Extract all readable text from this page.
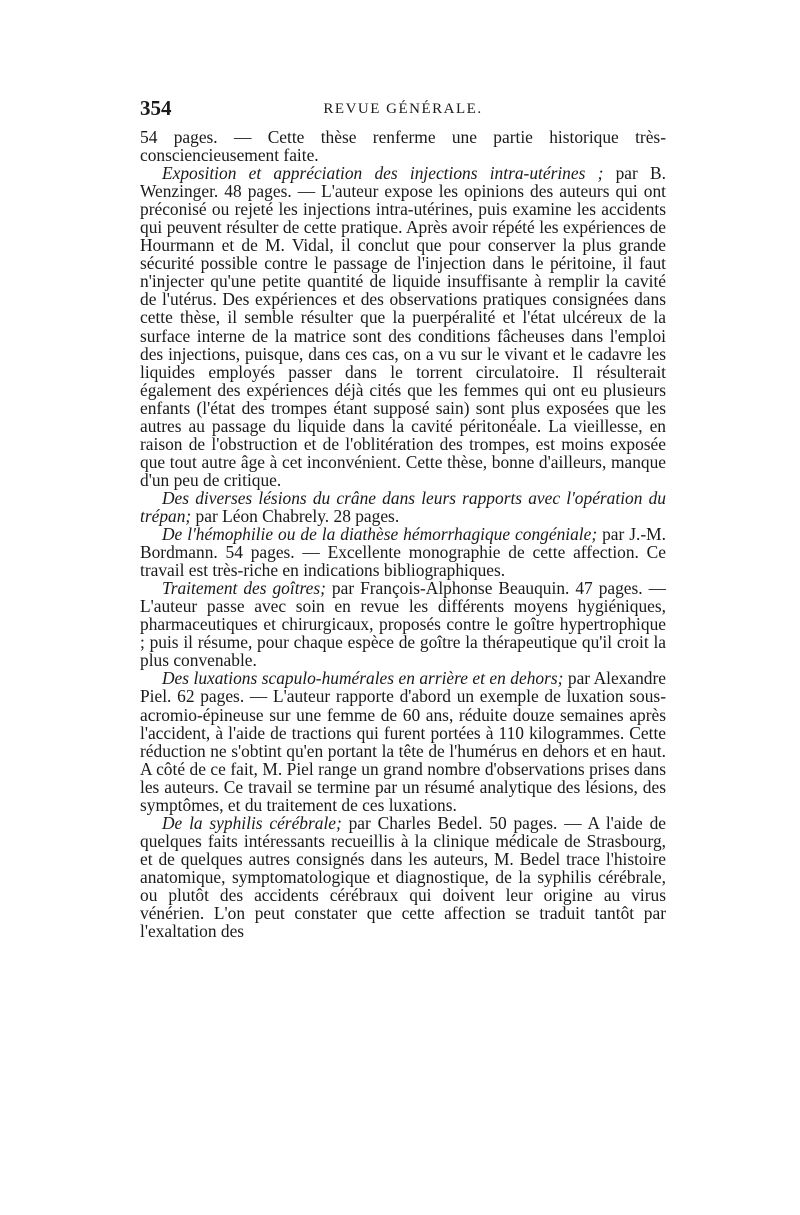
354	REVUE GÉNÉRALE.

54 pages. — Cette thèse renferme une partie historique très-consciencieusement faite.

Exposition et appréciation des injections intra-utérines ; par B. Wenzinger. 48 pages. — L'auteur expose les opinions des auteurs qui ont préconisé ou rejeté les injections intra-utérines, puis examine les accidents qui peuvent résulter de cette pratique. Après avoir répété les expériences de Hourmann et de M. Vidal, il conclut que pour conserver la plus grande sécurité possible contre le passage de l'injection dans le péritoine, il faut n'injecter qu'une petite quantité de liquide insuffisante à remplir la cavité de l'utérus. Des expériences et des observations pratiques consignées dans cette thèse, il semble résulter que la puerpéralité et l'état ulcéreux de la surface interne de la matrice sont des conditions fâcheuses dans l'emploi des injections, puisque, dans ces cas, on a vu sur le vivant et le cadavre les liquides employés passer dans le torrent circulatoire. Il résulterait également des expériences déjà cités que les femmes qui ont eu plusieurs enfants (l'état des trompes étant supposé sain) sont plus exposées que les autres au passage du liquide dans la cavité péritonéale. La vieillesse, en raison de l'obstruction et de l'oblitération des trompes, est moins exposée que tout autre âge à cet inconvénient. Cette thèse, bonne d'ailleurs, manque d'un peu de critique.

Des diverses lésions du crâne dans leurs rapports avec l'opération du trépan; par Léon Chabrely. 28 pages.

De l'hémophilie ou de la diathèse hémorrhagique congéniale; par J.-M. Bordmann. 54 pages. — Excellente monographie de cette affection. Ce travail est très-riche en indications bibliographiques.

Traitement des goîtres; par François-Alphonse Beauquin. 47 pages. — L'auteur passe avec soin en revue les différents moyens hygiéniques, pharmaceutiques et chirurgicaux, proposés contre le goître hypertrophique ; puis il résume, pour chaque espèce de goître la thérapeutique qu'il croit la plus convenable.

Des luxations scapulo-humérales en arrière et en dehors; par Alexandre Piel. 62 pages. — L'auteur rapporte d'abord un exemple de luxation sous-acromio-épineuse sur une femme de 60 ans, réduite douze semaines après l'accident, à l'aide de tractions qui furent portées à 110 kilogrammes. Cette réduction ne s'obtint qu'en portant la tête de l'humérus en dehors et en haut. A côté de ce fait, M. Piel range un grand nombre d'observations prises dans les auteurs. Ce travail se termine par un résumé analytique des lésions, des symptômes, et du traitement de ces luxations.

De la syphilis cérébrale; par Charles Bedel. 50 pages. — A l'aide de quelques faits intéressants recueillis à la clinique médicale de Strasbourg, et de quelques autres consignés dans les auteurs, M. Bedel trace l'histoire anatomique, symptomatologique et diagnostique, de la syphilis cérébrale, ou plutôt des accidents cérébraux qui doivent leur origine au virus vénérien. L'on peut constater que cette affection se traduit tantôt par l'exaltation des
